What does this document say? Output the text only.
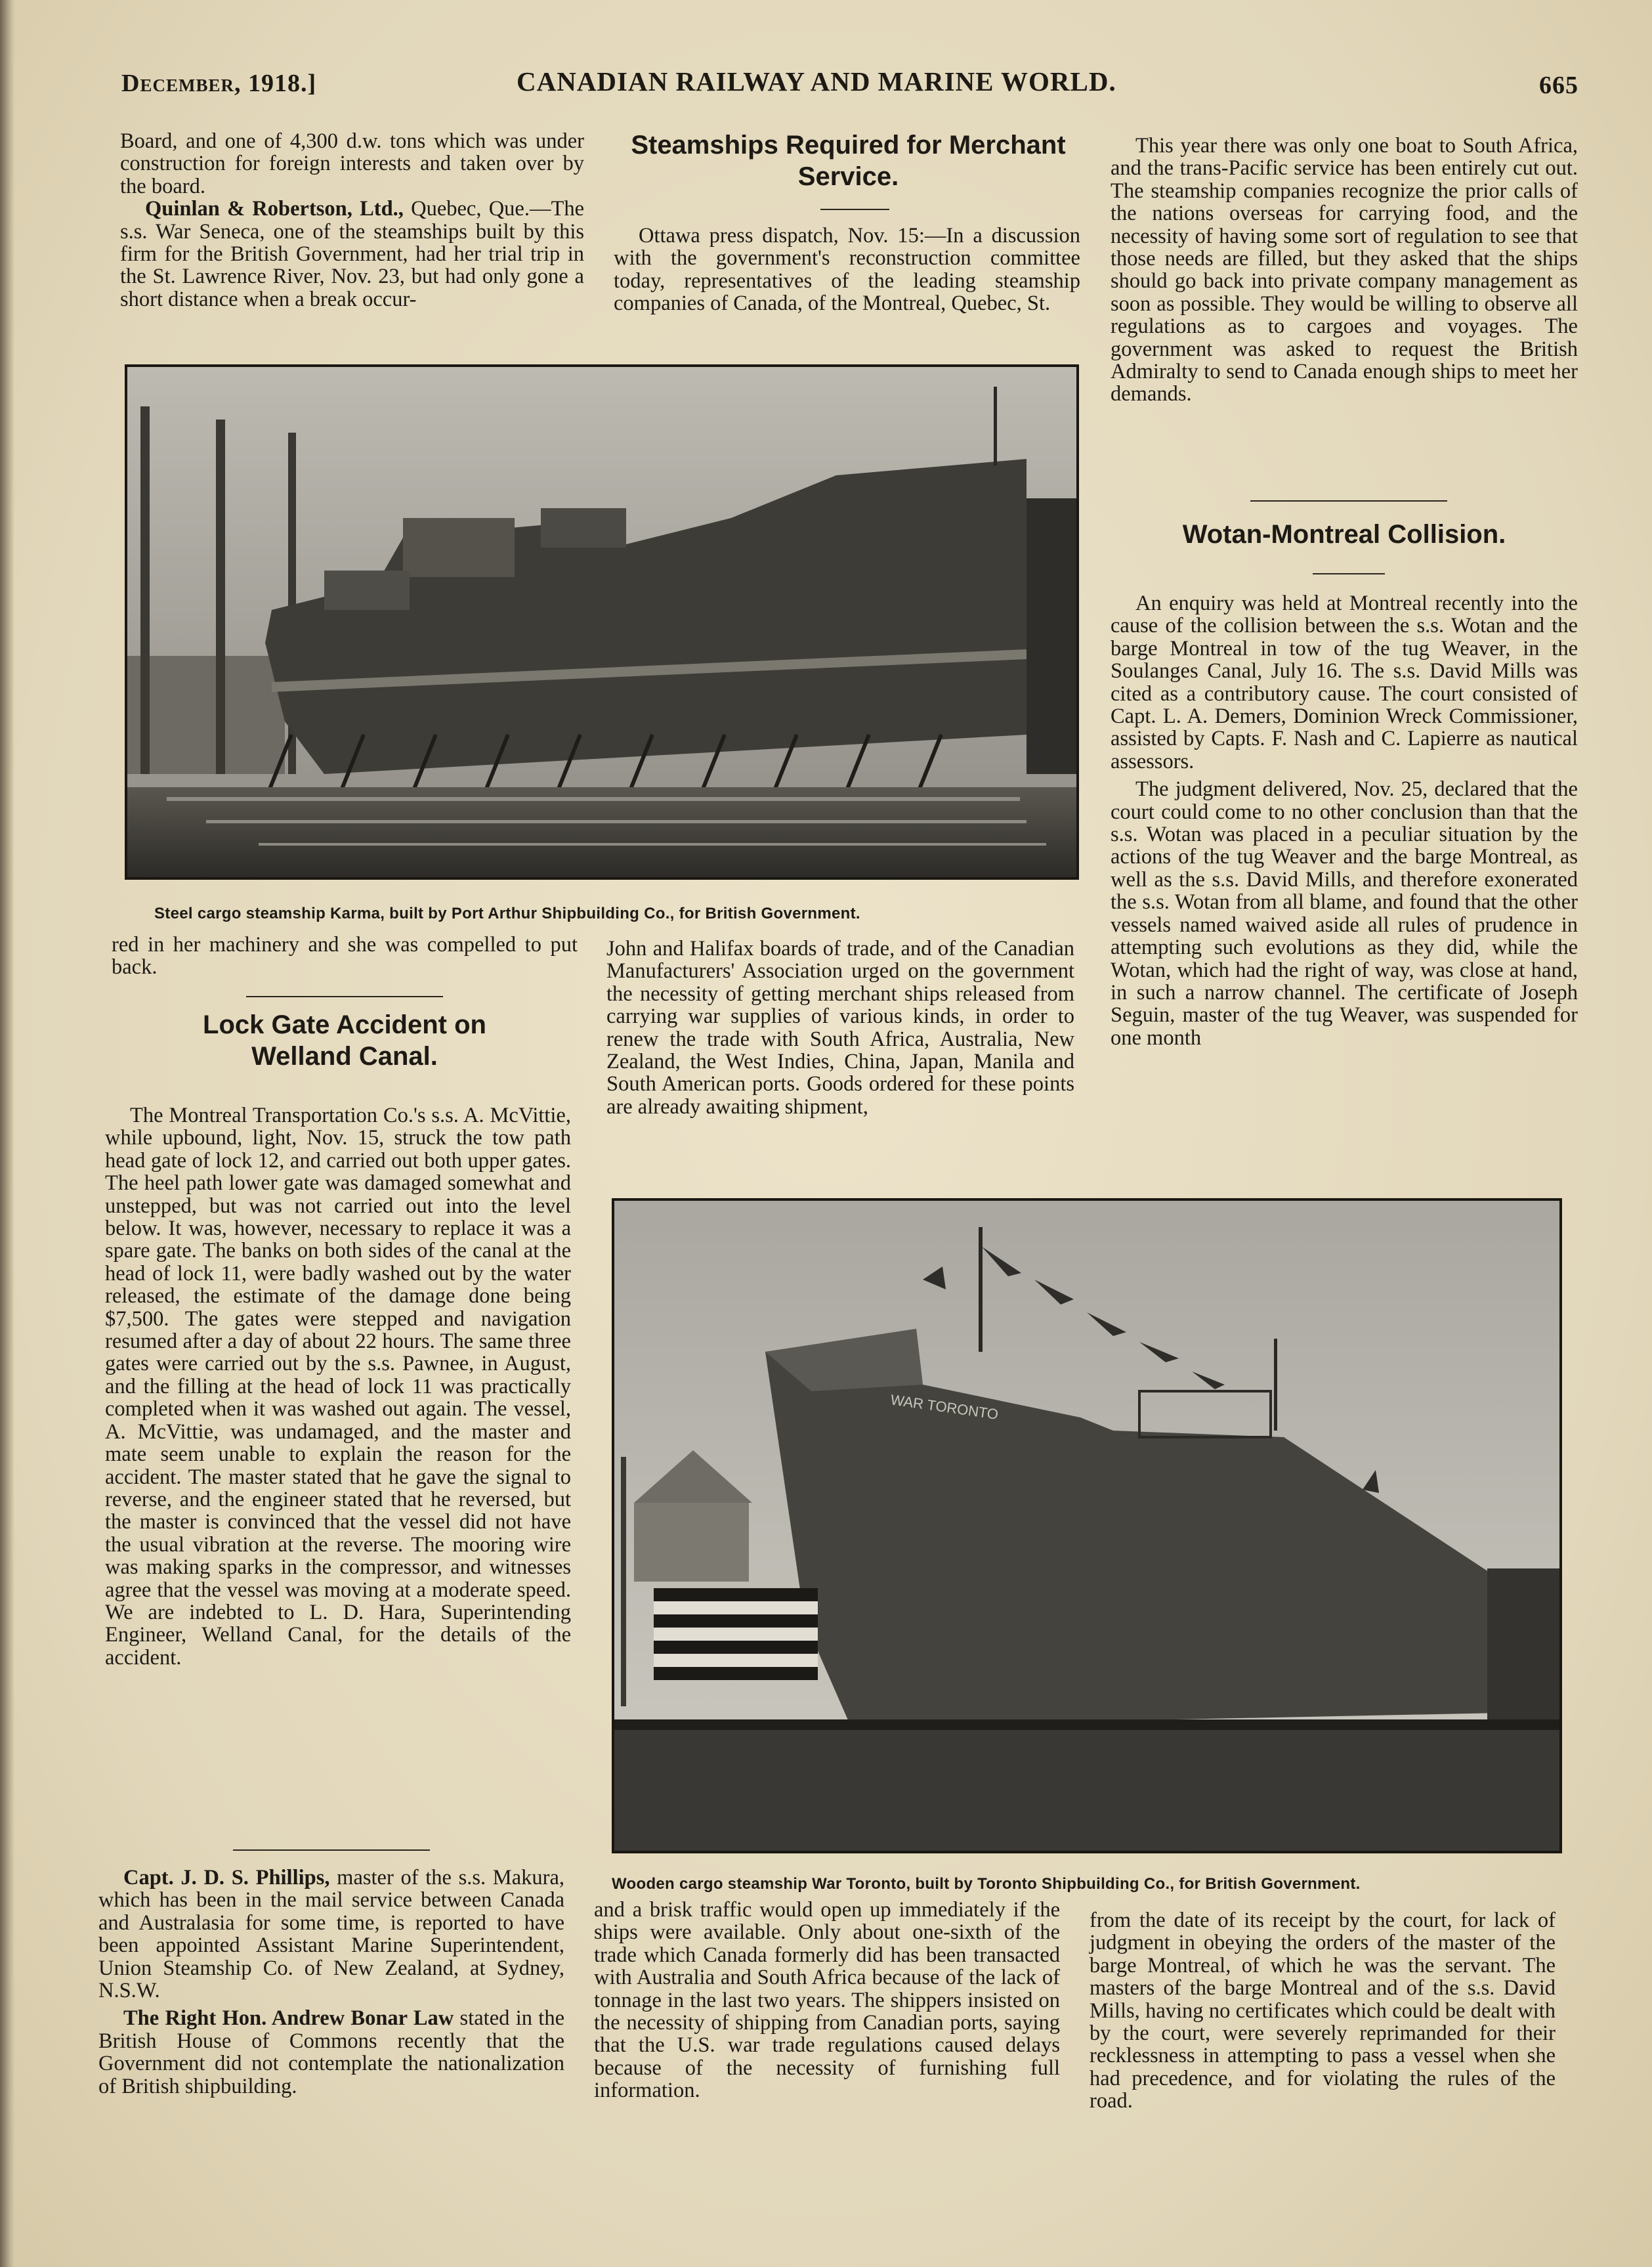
December, 1918.]	CANADIAN RAILWAY AND MARINE WORLD.	665

Board, and one of 4,300 d.w. tons which was under construction for foreign interests and taken over by the board.

Quinlan & Robertson, Ltd., Quebec, Que.—The s.s. War Seneca, one of the steamships built by this firm for the British Government, had her trial trip in the St. Lawrence River, Nov. 23, but had only gone a short distance when a break occur-

Steamships Required for Merchant Service.

Ottawa press dispatch, Nov. 15:—In a discussion with the government's reconstruction committee today, representatives of the leading steamship companies of Canada, of the Montreal, Quebec, St.

This year there was only one boat to South Africa, and the trans-Pacific service has been entirely cut out. The steamship companies recognize the prior calls of the nations overseas for carrying food, and the necessity of having some sort of regulation to see that those needs are filled, but they asked that the ships should go back into private company management as soon as possible. They would be willing to observe all regulations as to cargoes and voyages. The government was asked to request the British Admiralty to send to Canada enough ships to meet her demands.

Wotan-Montreal Collision.

An enquiry was held at Montreal recently into the cause of the collision between the s.s. Wotan and the barge Montreal in tow of the tug Weaver, in the Soulanges Canal, July 16. The s.s. David Mills was cited as a contributory cause. The court consisted of Capt. L. A. Demers, Dominion Wreck Commissioner, assisted by Capts. F. Nash and C. Lapierre as nautical assessors.

The judgment delivered, Nov. 25, declared that the court could come to no other conclusion than that the s.s. Wotan was placed in a peculiar situation by the actions of the tug Weaver and the barge Montreal, as well as the s.s. David Mills, and therefore exonerated the s.s. Wotan from all blame, and found that the other vessels named waived aside all rules of prudence in attempting such evolutions as they did, while the Wotan, which had the right of way, was close at hand, in such a narrow channel. The certificate of Joseph Seguin, master of the tug Weaver, was suspended for one month

Steel cargo steamship Karma, built by Port Arthur Shipbuilding Co., for British Government.

red in her machinery and she was compelled to put back.

Lock Gate Accident on Welland Canal.

The Montreal Transportation Co.'s s.s. A. McVittie, while upbound, light, Nov. 15, struck the tow path head gate of lock 12, and carried out both upper gates. The heel path lower gate was damaged somewhat and unstepped, but was not carried out into the level below. It was, however, necessary to replace it was a spare gate. The banks on both sides of the canal at the head of lock 11, were badly washed out by the water released, the estimate of the damage done being $7,500. The gates were stepped and navigation resumed after a day of about 22 hours. The same three gates were carried out by the s.s. Pawnee, in August, and the filling at the head of lock 11 was practically completed when it was washed out again. The vessel, A. McVittie, was undamaged, and the master and mate seem unable to explain the reason for the accident. The master stated that he gave the signal to reverse, and the engineer stated that he reversed, but the master is convinced that the vessel did not have the usual vibration at the reverse. The mooring wire was making sparks in the compressor, and witnesses agree that the vessel was moving at a moderate speed. We are indebted to L. D. Hara, Superintending Engineer, Welland Canal, for the details of the accident.

John and Halifax boards of trade, and of the Canadian Manufacturers' Association urged on the government the necessity of getting merchant ships released from carrying war supplies of various kinds, in order to renew the trade with South Africa, Australia, New Zealand, the West Indies, China, Japan, Manila and South American ports. Goods ordered for these points are already awaiting shipment,

WAR TORONTO
Wooden cargo steamship War Toronto, built by Toronto Shipbuilding Co., for British Government.

Capt. J. D. S. Phillips, master of the s.s. Makura, which has been in the mail service between Canada and Australasia for some time, is reported to have been appointed Assistant Marine Superintendent, Union Steamship Co. of New Zealand, at Sydney, N.S.W.

The Right Hon. Andrew Bonar Law stated in the British House of Commons recently that the Government did not contemplate the nationalization of British shipbuilding.

and a brisk traffic would open up immediately if the ships were available. Only about one-sixth of the trade which Canada formerly did has been transacted with Australia and South Africa because of the lack of tonnage in the last two years. The shippers insisted on the necessity of shipping from Canadian ports, saying that the U.S. war trade regulations caused delays because of the necessity of furnishing full information.

from the date of its receipt by the court, for lack of judgment in obeying the orders of the master of the barge Montreal, of which he was the servant. The masters of the barge Montreal and of the s.s. David Mills, having no certificates which could be dealt with by the court, were severely reprimanded for their recklessness in attempting to pass a vessel when she had precedence, and for violating the rules of the road.
